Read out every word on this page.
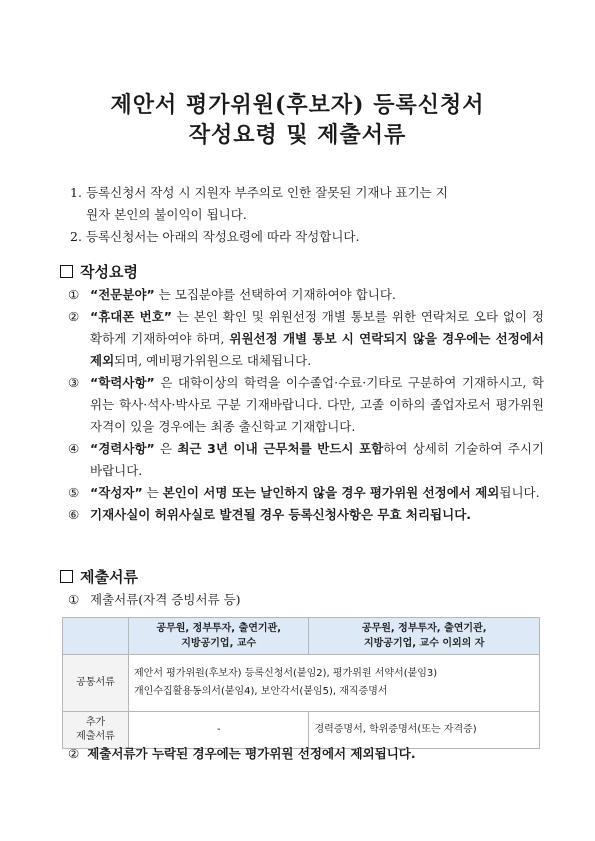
제안서 평가위원(후보자) 등록신청서
작성요령 및 제출서류

1. 등록신청서 작성 시 지원자 부주의로 인한 잘못된 기재나 표기는 지

원자 본인의 불이익이 됩니다.

2. 등록신청서는 아래의 작성요령에 따라 작성합니다.

작성요령
① “전문분야” 는 모집분야를 선택하여 기재하여야 합니다.
② “휴대폰 번호” 는 본인 확인 및 위원선정 개별 통보를 위한 연락처로 오타 없이 정확하게 기재하여야 하며, 위원선정 개별 통보 시 연락되지 않을 경우에는 선정에서 제외되며, 예비평가위원으로 대체됩니다.
③ “학력사항” 은 대학이상의 학력을 이수졸업·수료·기타로 구분하여 기재하시고, 학위는 학사·석사·박사로 구분 기재바랍니다. 다만, 고졸 이하의 졸업자로서 평가위원 자격이 있을 경우에는 최종 출신학교 기재합니다.
④ “경력사항” 은 최근 3년 이내 근무처를 반드시 포함하여 상세히 기술하여 주시기 바랍니다.
⑤ “작성자” 는 본인이 서명 또는 날인하지 않을 경우 평가위원 선정에서 제외됩니다.
⑥ 기재사실이 허위사실로 발견될 경우 등록신청사항은 무효 처리됩니다.
제출서류
① 제출서류(자격 증빙서류 등)
	공무원, 정부투자, 출연기관,
지방공기업, 교수	공무원, 정부투자, 출연기관,
지방공기업, 교수 이외의 자
공통서류	제안서 평가위원(후보자) 등록신청서(붙임2), 평가위원 서약서(붙임3)
개인수집활용동의서(붙임4), 보안각서(붙임5), 재직증명서	

추가
제출서류	-	경력증명서, 학위증명서(또는 자격증)
② 제출서류가 누락된 경우에는 평가위원 선정에서 제외됩니다.
